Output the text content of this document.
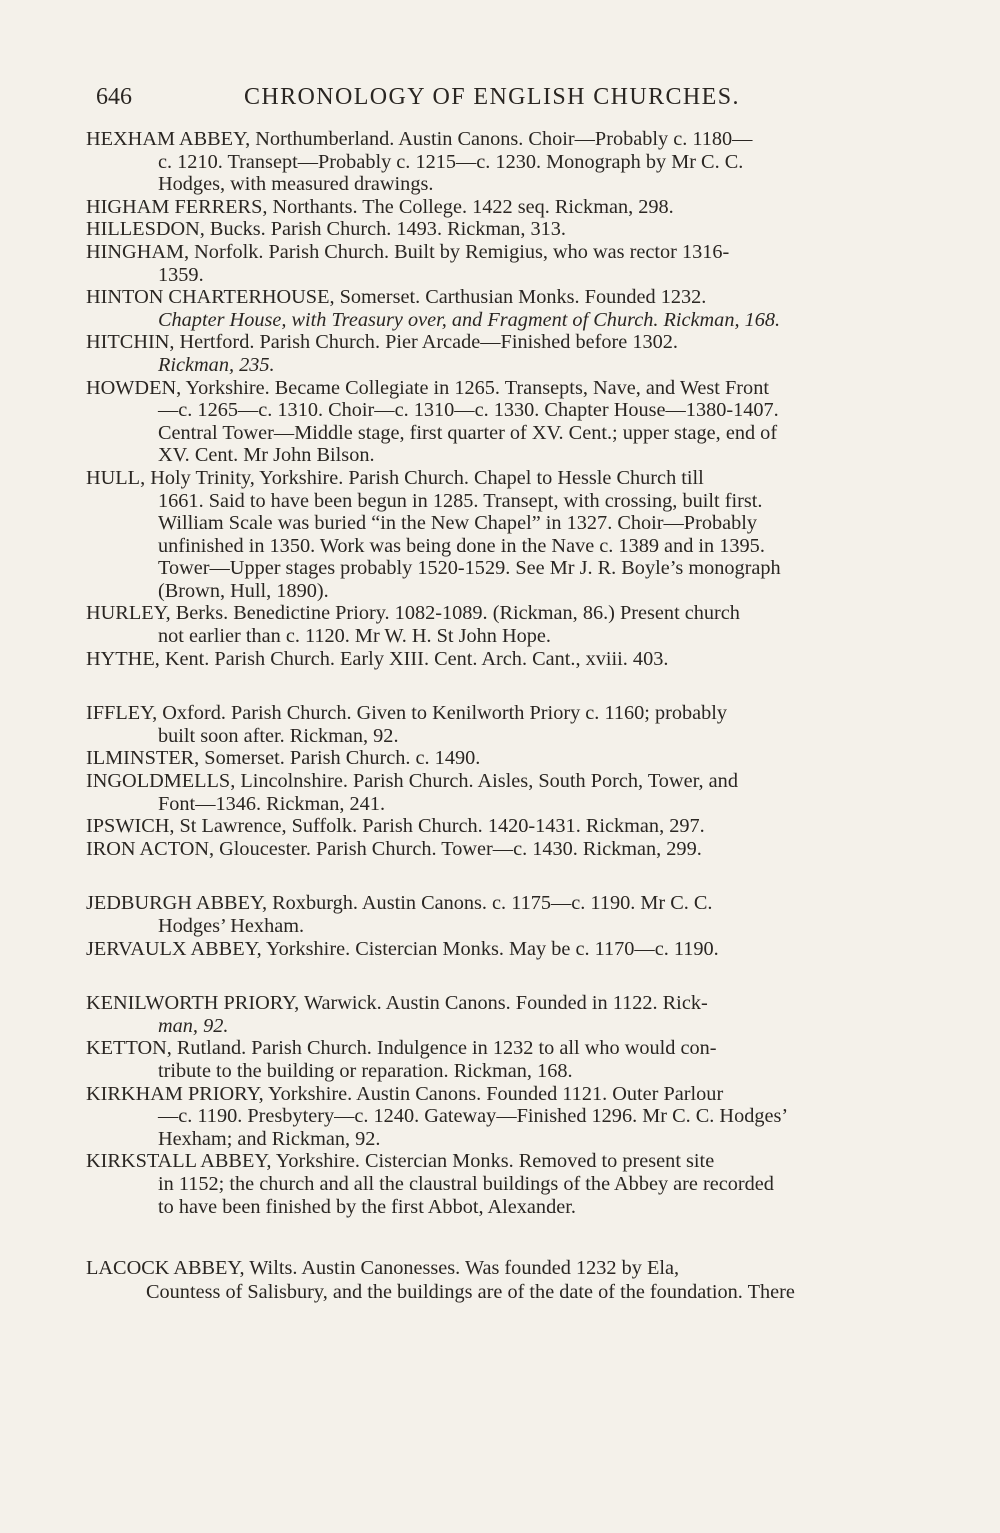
646	CHRONOLOGY OF ENGLISH CHURCHES.

HEXHAM ABBEY, Northumberland. Austin Canons. Choir—Probably c. 1180—
c. 1210. Transept—Probably c. 1215—c. 1230. Monograph by Mr C. C.
Hodges, with measured drawings.

HIGHAM FERRERS, Northants. The College. 1422 seq. Rickman, 298.

HILLESDON, Bucks. Parish Church. 1493. Rickman, 313.

HINGHAM, Norfolk. Parish Church. Built by Remigius, who was rector 1316-
1359.

HINTON CHARTERHOUSE, Somerset. Carthusian Monks. Founded 1232.
Chapter House, with Treasury over, and Fragment of Church. Rickman, 168.

HITCHIN, Hertford. Parish Church. Pier Arcade—Finished before 1302.
Rickman, 235.

HOWDEN, Yorkshire. Became Collegiate in 1265. Transepts, Nave, and West Front
—c. 1265—c. 1310. Choir—c. 1310—c. 1330. Chapter House—1380-1407.
Central Tower—Middle stage, first quarter of XV. Cent.; upper stage, end of
XV. Cent. Mr John Bilson.

HULL, Holy Trinity, Yorkshire. Parish Church. Chapel to Hessle Church till
1661. Said to have been begun in 1285. Transept, with crossing, built first.
William Scale was buried “in the New Chapel” in 1327. Choir—Probably
unfinished in 1350. Work was being done in the Nave c. 1389 and in 1395.
Tower—Upper stages probably 1520-1529. See Mr J. R. Boyle’s monograph
(Brown, Hull, 1890).

HURLEY, Berks. Benedictine Priory. 1082-1089. (Rickman, 86.) Present church
not earlier than c. 1120. Mr W. H. St John Hope.

HYTHE, Kent. Parish Church. Early XIII. Cent. Arch. Cant., xviii. 403.

IFFLEY, Oxford. Parish Church. Given to Kenilworth Priory c. 1160; probably
built soon after. Rickman, 92.

ILMINSTER, Somerset. Parish Church. c. 1490.

INGOLDMELLS, Lincolnshire. Parish Church. Aisles, South Porch, Tower, and
Font—1346. Rickman, 241.

IPSWICH, St Lawrence, Suffolk. Parish Church. 1420-1431. Rickman, 297.

IRON ACTON, Gloucester. Parish Church. Tower—c. 1430. Rickman, 299.

JEDBURGH ABBEY, Roxburgh. Austin Canons. c. 1175—c. 1190. Mr C. C.
Hodges’ Hexham.

JERVAULX ABBEY, Yorkshire. Cistercian Monks. May be c. 1170—c. 1190.

KENILWORTH PRIORY, Warwick. Austin Canons. Founded in 1122. Rick-
man, 92.

KETTON, Rutland. Parish Church. Indulgence in 1232 to all who would con-
tribute to the building or reparation. Rickman, 168.

KIRKHAM PRIORY, Yorkshire. Austin Canons. Founded 1121. Outer Parlour
—c. 1190. Presbytery—c. 1240. Gateway—Finished 1296. Mr C. C. Hodges’
Hexham; and Rickman, 92.

KIRKSTALL ABBEY, Yorkshire. Cistercian Monks. Removed to present site
in 1152; the church and all the claustral buildings of the Abbey are recorded
to have been finished by the first Abbot, Alexander.

LACOCK ABBEY, Wilts. Austin Canonesses. Was founded 1232 by Ela,
Countess of Salisbury, and the buildings are of the date of the foundation. There
